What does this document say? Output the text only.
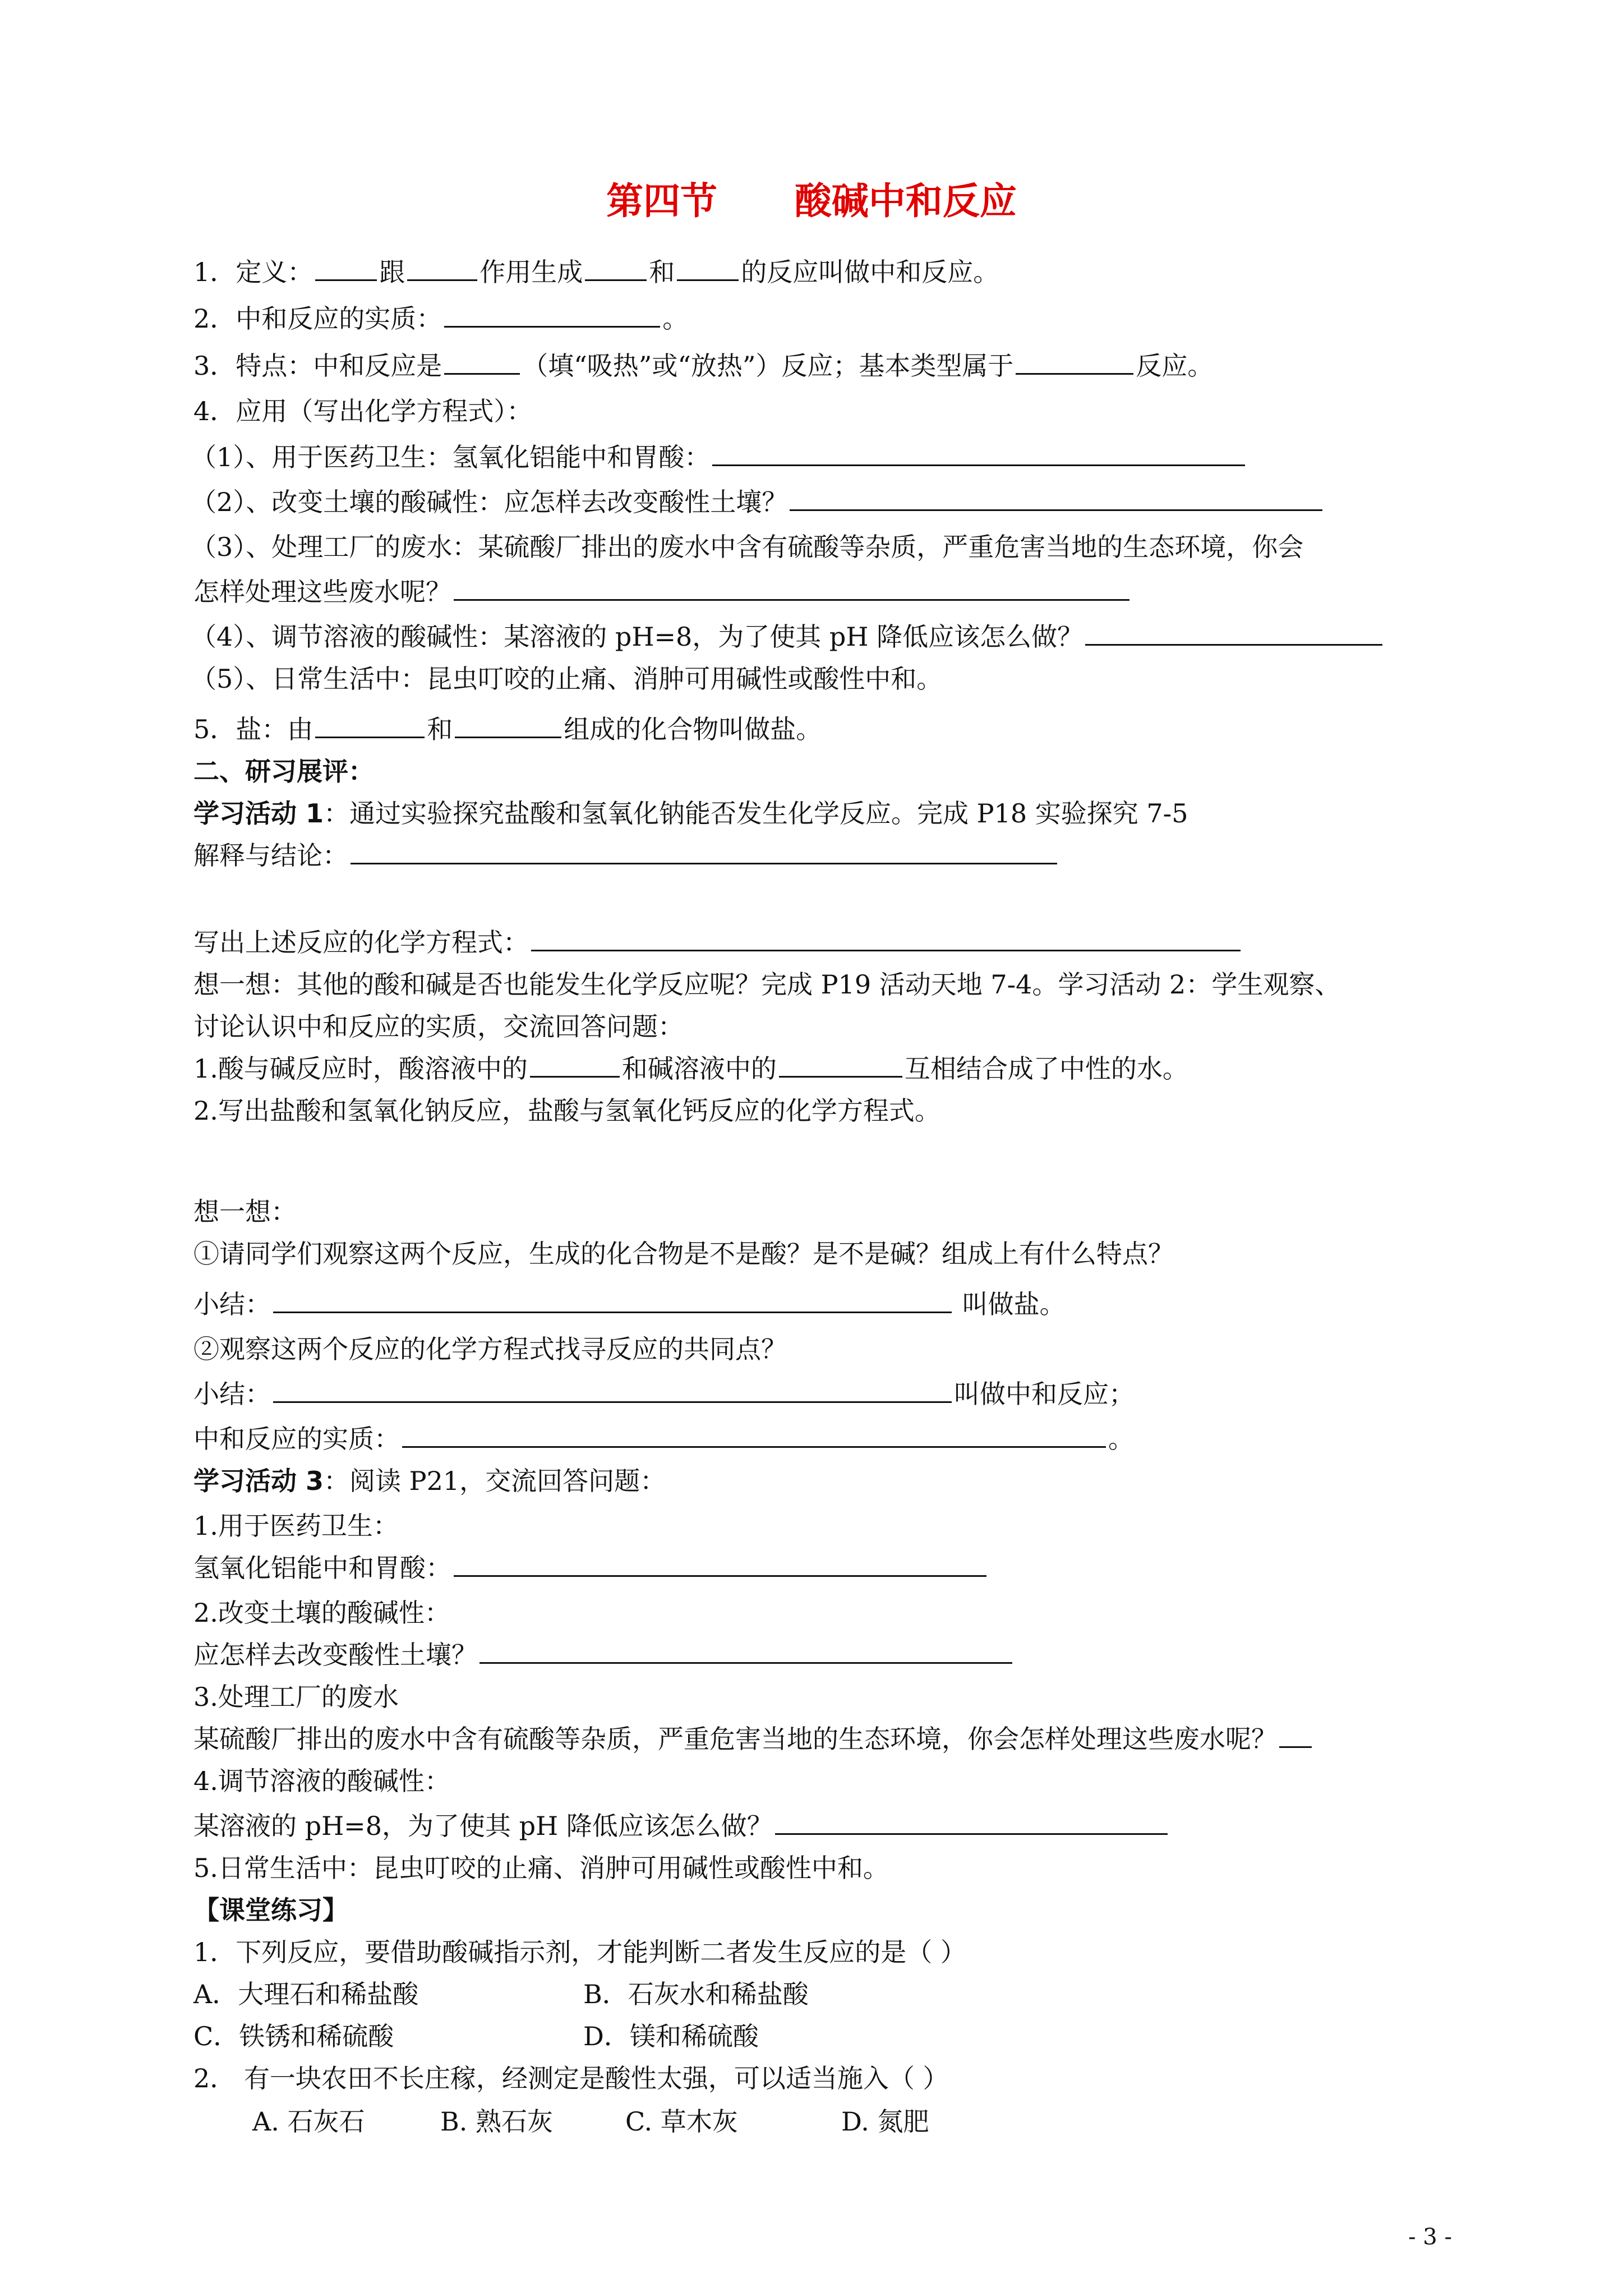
第四节      酸碱中和反应
1．定义：	跟	作用生成	和	的反应叫做中和反应。
2．中和反应的实质：	。
3．特点：中和反应是	（填“吸热”或“放热”）反应；基本类型属于	反应。
4．应用（写出化学方程式）：
（1）、用于医药卫生：氢氧化铝能中和胃酸：
（2）、改变土壤的酸碱性：应怎样去改变酸性土壤？
（3）、处理工厂的废水：某硫酸厂排出的废水中含有硫酸等杂质，严重危害当地的生态环境，你会
怎样处理这些废水呢？
（4）、调节溶液的酸碱性：某溶液的 pH=8，为了使其 pH 降低应该怎么做？
（5）、日常生活中：昆虫叮咬的止痛、消肿可用碱性或酸性中和。
5．盐：由	和	组成的化合物叫做盐。
二、研习展评：
学习活动 1：通过实验探究盐酸和氢氧化钠能否发生化学反应。完成 P18 实验探究 7-5
解释与结论：
写出上述反应的化学方程式：
想一想：其他的酸和碱是否也能发生化学反应呢？完成 P19 活动天地 7-4。学习活动 2：学生观察、
讨论认识中和反应的实质，交流回答问题：
1.酸与碱反应时，酸溶液中的	和碱溶液中的	互相结合成了中性的水。
2.写出盐酸和氢氧化钠反应，盐酸与氢氧化钙反应的化学方程式。
想一想：
①请同学们观察这两个反应，生成的化合物是不是酸？是不是碱？组成上有什么特点？
小结：	叫做盐。
②观察这两个反应的化学方程式找寻反应的共同点？
小结：	叫做中和反应；
中和反应的实质：	。
学习活动 3：阅读 P21，交流回答问题：
1.用于医药卫生：
氢氧化铝能中和胃酸：
2.改变土壤的酸碱性：
应怎样去改变酸性土壤？
3.处理工厂的废水
某硫酸厂排出的废水中含有硫酸等杂质，严重危害当地的生态环境，你会怎样处理这些废水呢？
4.调节溶液的酸碱性：
某溶液的 pH=8，为了使其 pH 降低应该怎么做？
5.日常生活中：昆虫叮咬的止痛、消肿可用碱性或酸性中和。
【课堂练习】
1．下列反应，要借助酸碱指示剂，才能判断二者发生反应的是（ ）
A．大理石和稀盐酸	B．石灰水和稀盐酸
C．铁锈和稀硫酸	D．镁和稀硫酸
2． 有一块农田不长庄稼，经测定是酸性太强，可以适当施入（ ）
A. 石灰石	B. 熟石灰	C. 草木灰	D. 氮肥
- 3 -
